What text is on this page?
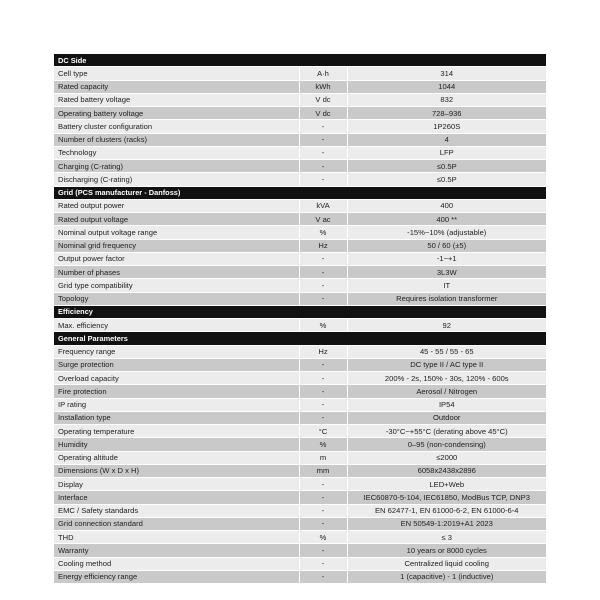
DC Side		
Cell type	A·h	314
Rated capacity	kWh	1044
Rated battery voltage	V dc	832
Operating battery voltage	V dc	728–936
Battery cluster configuration	-	1P260S
Number of clusters (racks)	-	4
Technology	-	LFP
Charging (C-rating)	-	≤0.5P
Discharging (C-rating)	-	≤0.5P
Grid (PCS manufacturer - Danfoss)		
Rated output power	kVA	400
Rated output voltage	V ac	400 **
Nominal output voltage range	%	-15%~10% (adjustable)
Nominal grid frequency	Hz	50 / 60 (±5)
Output power factor	-	-1~+1
Number of phases	-	3L3W
Grid type compatibility	-	IT
Topology	-	Requires isolation transformer
Efficiency		
Max. efficiency	%	92
General Parameters		
Frequency range	Hz	45 - 55 / 55 - 65
Surge protection	-	DC type II / AC type II
Overload capacity	-	200% - 2s, 150% - 30s, 120% - 600s
Fire protection	-	Aerosol / Nitrogen
IP rating	-	IP54
Installation type	-	Outdoor
Operating temperature	°C	-30°C~+55°C (derating above 45°C)
Humidity	%	0–95 (non-condensing)
Operating altitude	m	≤2000
Dimensions (W x D x H)	mm	6058x2438x2896
Display	-	LED+Web
Interface	-	IEC60870-5-104, IEC61850, ModBus TCP, DNP3
EMC / Safety standards	-	EN 62477-1, EN 61000-6-2, EN 61000-6-4
Grid connection standard	-	EN 50549-1:2019+A1 2023
THD	%	≤ 3
Warranty	-	10 years or 8000 cycles
Cooling method	-	Centralized liquid cooling
Energy efficiency range	-	1 (capacitive) - 1 (inductive)
